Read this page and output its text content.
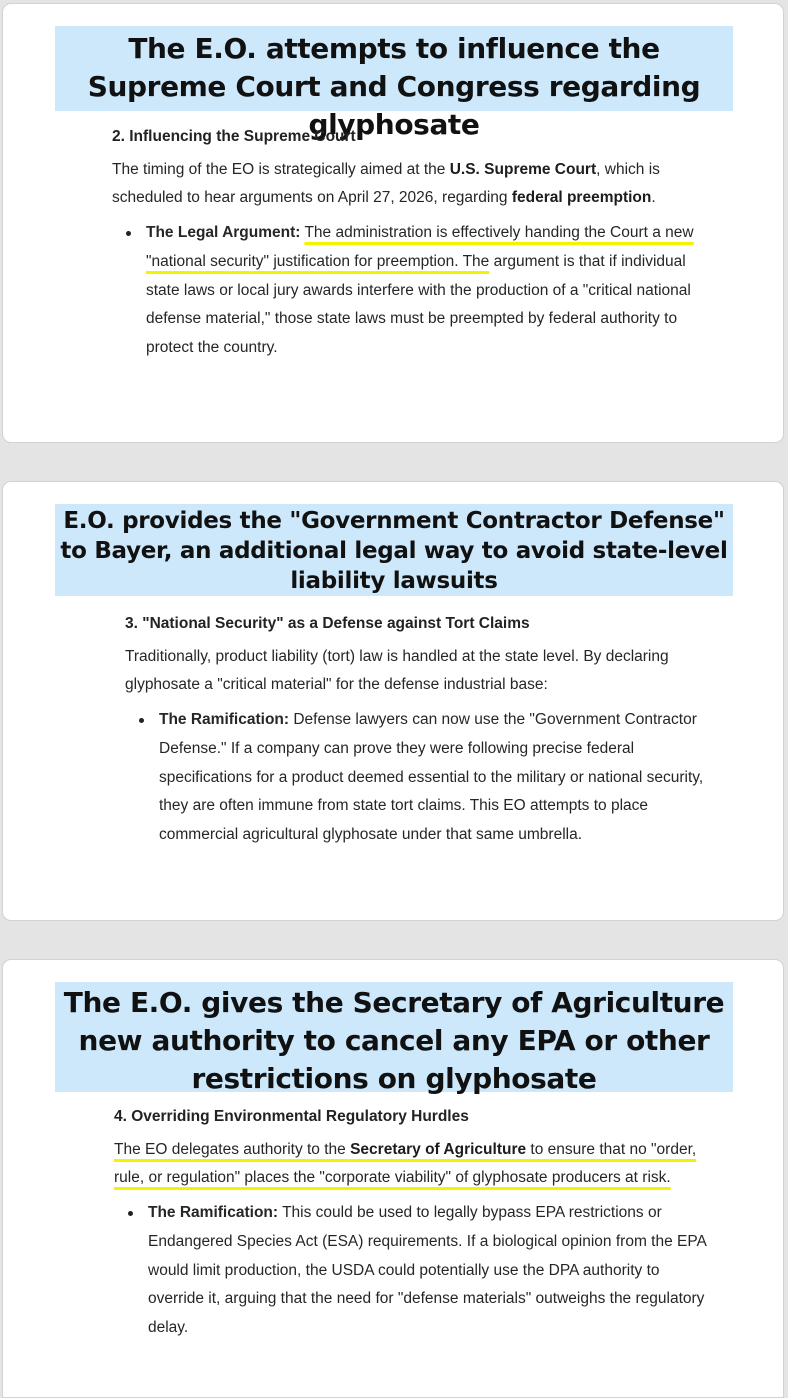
The E.O. attempts to influence the Supreme Court and Congress regarding glyphosate
2. Influencing the Supreme Court

The timing of the EO is strategically aimed at the U.S. Supreme Court, which is scheduled to hear arguments on April 27, 2026, regarding federal preemption.

The Legal Argument: The administration is effectively handing the Court a new "national security" justification for preemption. The argument is that if individual state laws or local jury awards interfere with the production of a "critical national defense material," those state laws must be preempted by federal authority to protect the country.
E.O. provides the "Government Contractor Defense" to Bayer, an additional legal way to avoid state-level liability lawsuits
3. "National Security" as a Defense against Tort Claims

Traditionally, product liability (tort) law is handled at the state level. By declaring glyphosate a "critical material" for the defense industrial base:

The Ramification: Defense lawyers can now use the "Government Contractor Defense." If a company can prove they were following precise federal specifications for a product deemed essential to the military or national security, they are often immune from state tort claims. This EO attempts to place commercial agricultural glyphosate under that same umbrella.
The E.O. gives the Secretary of Agriculture new authority to cancel any EPA or other restrictions on glyphosate
4. Overriding Environmental Regulatory Hurdles

The EO delegates authority to the Secretary of Agriculture to ensure that no "order, rule, or regulation" places the "corporate viability" of glyphosate producers at risk.

The Ramification: This could be used to legally bypass EPA restrictions or Endangered Species Act (ESA) requirements. If a biological opinion from the EPA would limit production, the USDA could potentially use the DPA authority to override it, arguing that the need for "defense materials" outweighs the regulatory delay.
